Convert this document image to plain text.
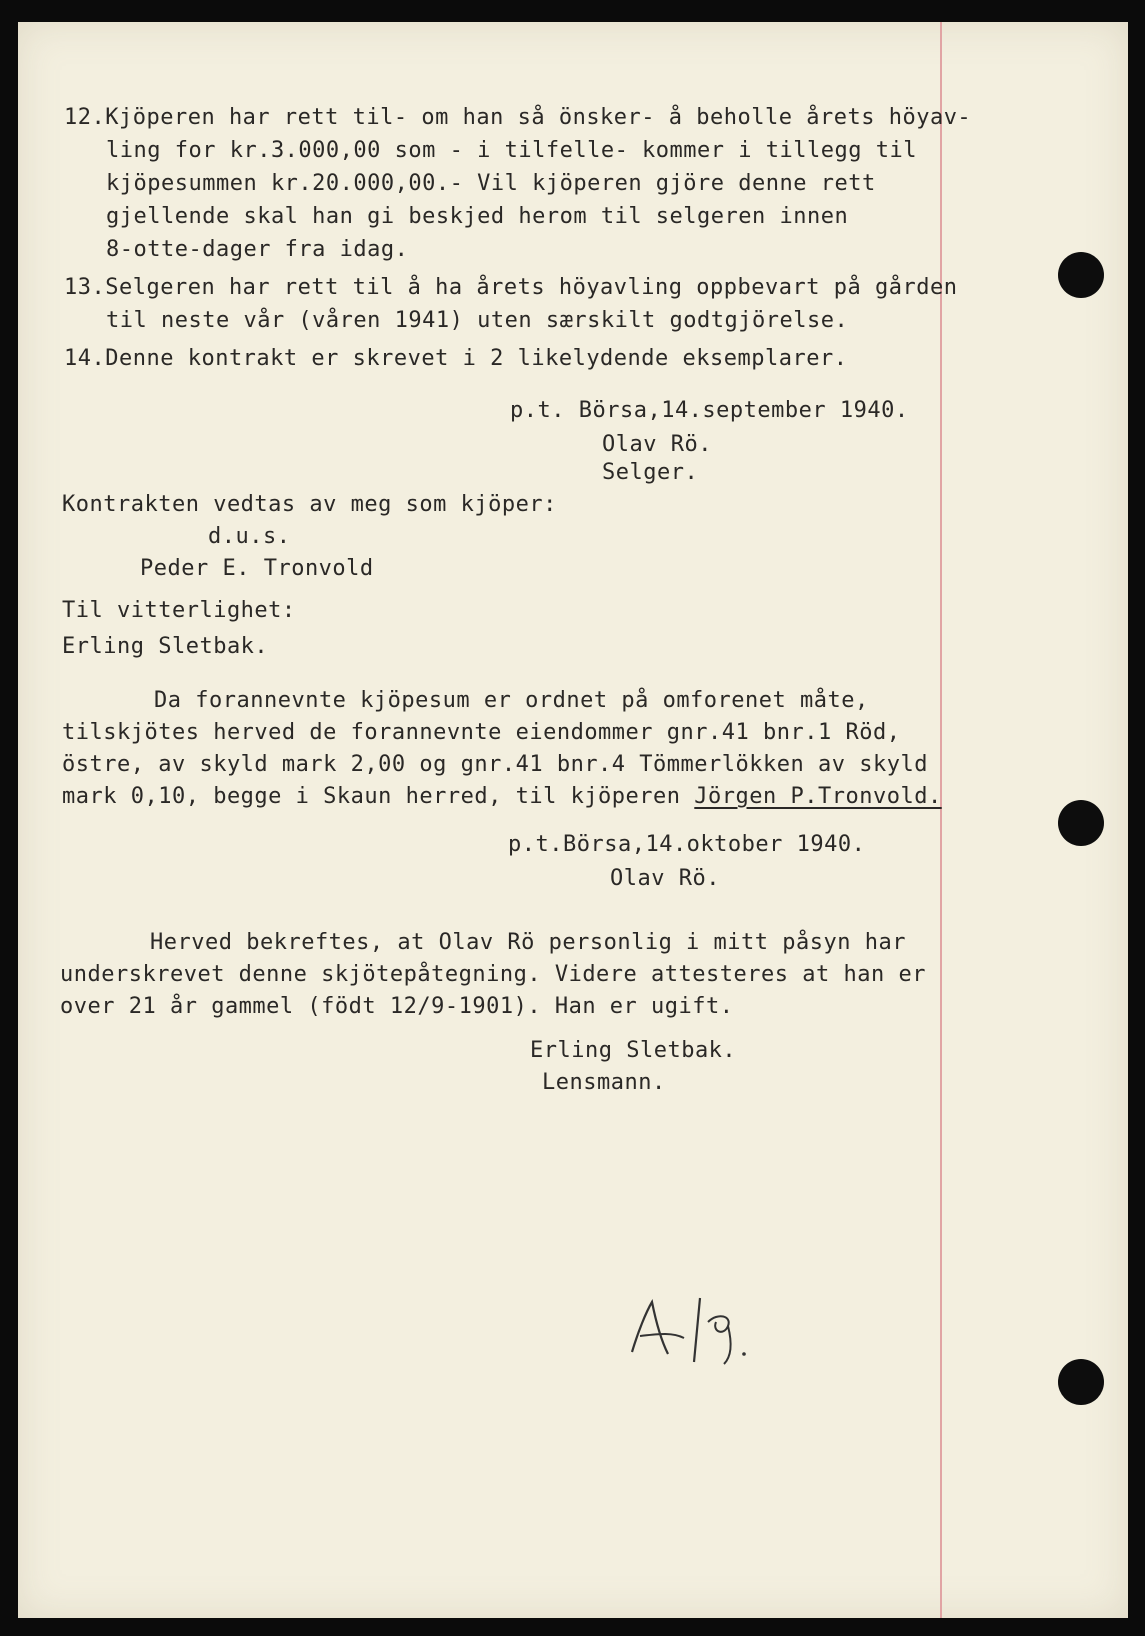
12.Kjöperen har rett til- om han så önsker- å beholle årets höyav-
ling for kr.3.000,00 som - i tilfelle- kommer i tillegg til
kjöpesummen kr.20.000,00.- Vil kjöperen gjöre denne rett
gjellende skal han gi beskjed herom til selgeren innen
8-otte-dager fra idag.
13.Selgeren har rett til å ha årets höyavling oppbevart på gården
til neste vår (våren 1941) uten særskilt godtgjörelse.
14.Denne kontrakt er skrevet i 2 likelydende eksemplarer.
p.t. Börsa,14.september 1940.
Olav Rö.
Selger.
Kontrakten vedtas av meg som kjöper:
d.u.s.
Peder E. Tronvold
Til vitterlighet:
Erling Sletbak.
Da forannevnte kjöpesum er ordnet på omforenet måte,
tilskjötes herved de forannevnte eiendommer gnr.41 bnr.1 Röd,
östre, av skyld mark 2,00 og gnr.41 bnr.4 Tömmerlökken av skyld
mark 0,10, begge i Skaun herred, til kjöperen Jörgen P.Tronvold.
p.t.Börsa,14.oktober 1940.
Olav Rö.
Herved bekreftes, at Olav Rö personlig i mitt påsyn har
underskrevet denne skjötepåtegning. Videre attesteres at han er
over 21 år gammel (födt 12/9-1901). Han er ugift.
Erling Sletbak.
Lensmann.
